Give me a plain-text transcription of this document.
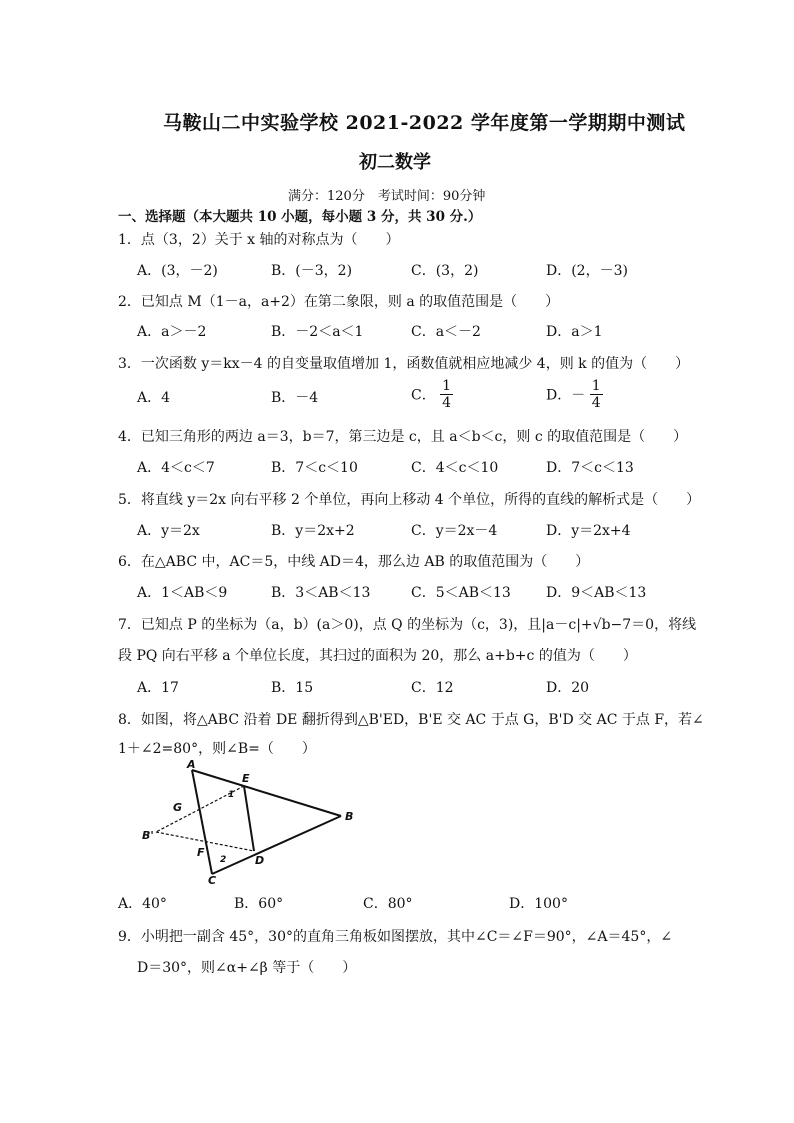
马鞍山二中实验学校 2021-2022 学年度第一学期期中测试
初二数学
满分：120分　考试时间：90分钟
一、选择题（本大题共 10 小题，每小题 3 分，共 30 分.）
1．点（3，2）关于 x 轴的对称点为（　　）
A．(3，－2)	B．(－3，2)	C．(3，2)	D．(2，－3)
2．已知点 M（1－a，a+2）在第二象限，则 a 的取值范围是（　　）
A．a＞－2	B．－2＜a＜1	C．a＜－2	D．a＞1
3．一次函数 y＝kx－4 的自变量取值增加 1，函数值就相应地减少 4，则 k 的值为（　　）
A．4	B．－4	C． $\frac{1}{4}$	D．－ $\frac{1}{4}$
4．已知三角形的两边 a＝3，b＝7，第三边是 c，且 a＜b＜c，则 c 的取值范围是（　　）
A．4＜c＜7	B．7＜c＜10	C．4＜c＜10	D．7＜c＜13
5．将直线 y＝2x 向右平移 2 个单位，再向上移动 4 个单位，所得的直线的解析式是（　　）
A．y＝2x	B．y＝2x+2	C．y＝2x－4	D．y＝2x+4
6．在△ABC 中，AC＝5，中线 AD＝4，那么边 AB 的取值范围为（　　）
A．1＜AB＜9	B．3＜AB＜13	C．5＜AB＜13	D．9＜AB＜13
7．已知点 P 的坐标为（a，b）(a＞0)，点 Q 的坐标为（c，3)，且|a－c|+√b−7＝0，将线
段 PQ 向右平移 a 个单位长度，其扫过的面积为 20，那么 a+b+c 的值为（　　）
A．17	B．15	C．12	D．20
8．如图，将△ABC 沿着 DE 翻折得到△B'ED，B'E 交 AC 于点 G，B'D 交 AC 于点 F，若∠
1＋∠2=80°，则∠B=（　　）
A
E
B
G
B'
F
D
C
1
2
A．40°	B．60°	C．80°	D．100°
9．小明把一副含 45°，30°的直角三角板如图摆放，其中∠C＝∠F＝90°，∠A＝45°，∠
D＝30°，则∠α+∠β 等于（　　）
